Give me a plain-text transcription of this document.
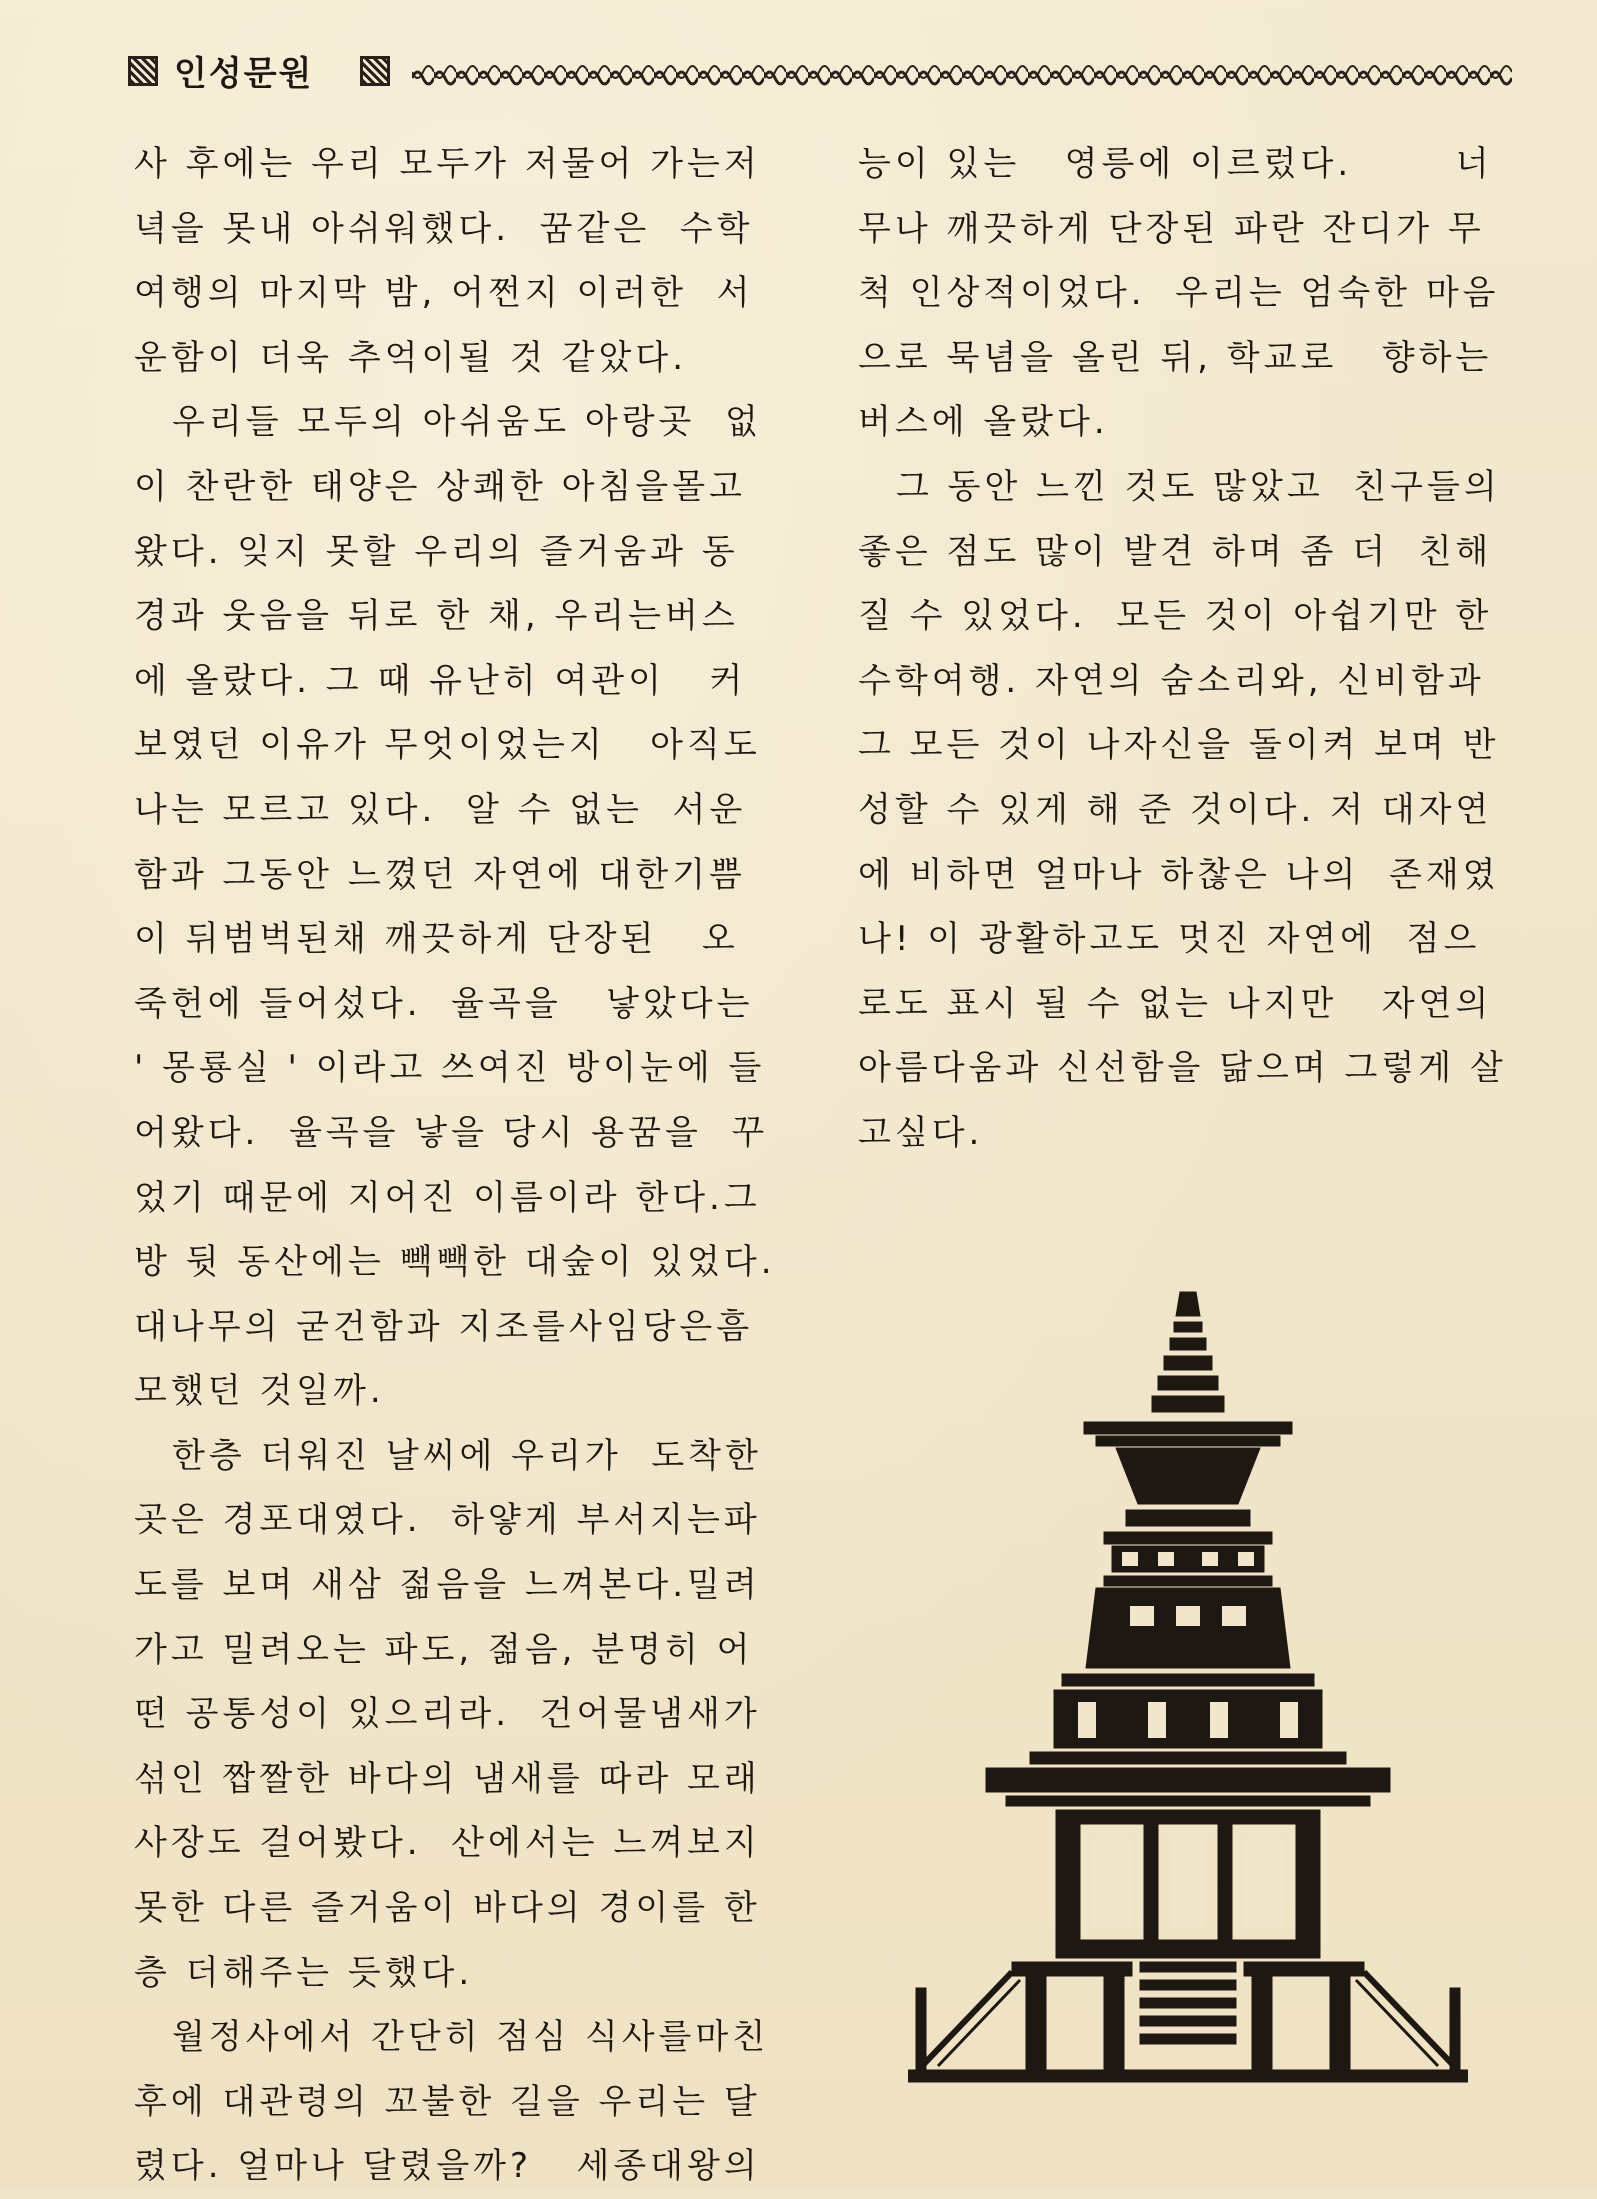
인성문원
사 후에는 우리 모두가 저물어 가는저
녁을 못내 아쉬워했다.  꿈같은  수학
여행의 마지막 밤, 어쩐지 이러한  서
운함이 더욱 추억이될 것 같았다.
우리들 모두의 아쉬움도 아랑곳  없
이 찬란한 태양은 상쾌한 아침을몰고
왔다. 잊지 못할 우리의 즐거움과 동
경과 웃음을 뒤로 한 채, 우리는버스
에 올랐다. 그 때 유난히 여관이   커
보였던 이유가 무엇이었는지   아직도
나는 모르고 있다.  알 수 없는  서운
함과 그동안 느꼈던 자연에 대한기쁨
이 뒤범벅된채 깨끗하게 단장된   오
죽헌에 들어섰다.  율곡을   낳았다는
' 몽룡실 ' 이라고 쓰여진 방이눈에 들
어왔다.  율곡을 낳을 당시 용꿈을  꾸
었기 때문에 지어진 이름이라 한다.그
방 뒷 동산에는 빽빽한 대숲이 있었다.
대나무의 굳건함과 지조를사임당은흠
모했던 것일까.
한층 더워진 날씨에 우리가  도착한
곳은 경포대였다.  하얗게 부서지는파
도를 보며 새삼 젊음을 느껴본다.밀려
가고 밀려오는 파도, 젊음, 분명히 어
떤 공통성이 있으리라.  건어물냄새가
섞인 짭짤한 바다의 냄새를 따라 모래
사장도 걸어봤다.  산에서는 느껴보지
못한 다른 즐거움이 바다의 경이를 한
층 더해주는 듯했다.
월정사에서 간단히 점심 식사를마친
후에 대관령의 꼬불한 길을 우리는 달
렸다. 얼마나 달렸을까?   세종대왕의
능이 있는   영릉에 이르렀다.       너
무나 깨끗하게 단장된 파란 잔디가 무
척 인상적이었다.  우리는 엄숙한 마음
으로 묵념을 올린 뒤, 학교로   향하는
버스에 올랐다.
그 동안 느낀 것도 많았고  친구들의
좋은 점도 많이 발견 하며 좀 더  친해
질 수 있었다.  모든 것이 아쉽기만 한
수학여행. 자연의 숨소리와, 신비함과
그 모든 것이 나자신을 돌이켜 보며 반
성할 수 있게 해 준 것이다. 저 대자연
에 비하면 얼마나 하찮은 나의  존재였
나! 이 광활하고도 멋진 자연에  점으
로도 표시 될 수 없는 나지만   자연의
아름다움과 신선함을 닮으며 그렇게 살
고싶다.
